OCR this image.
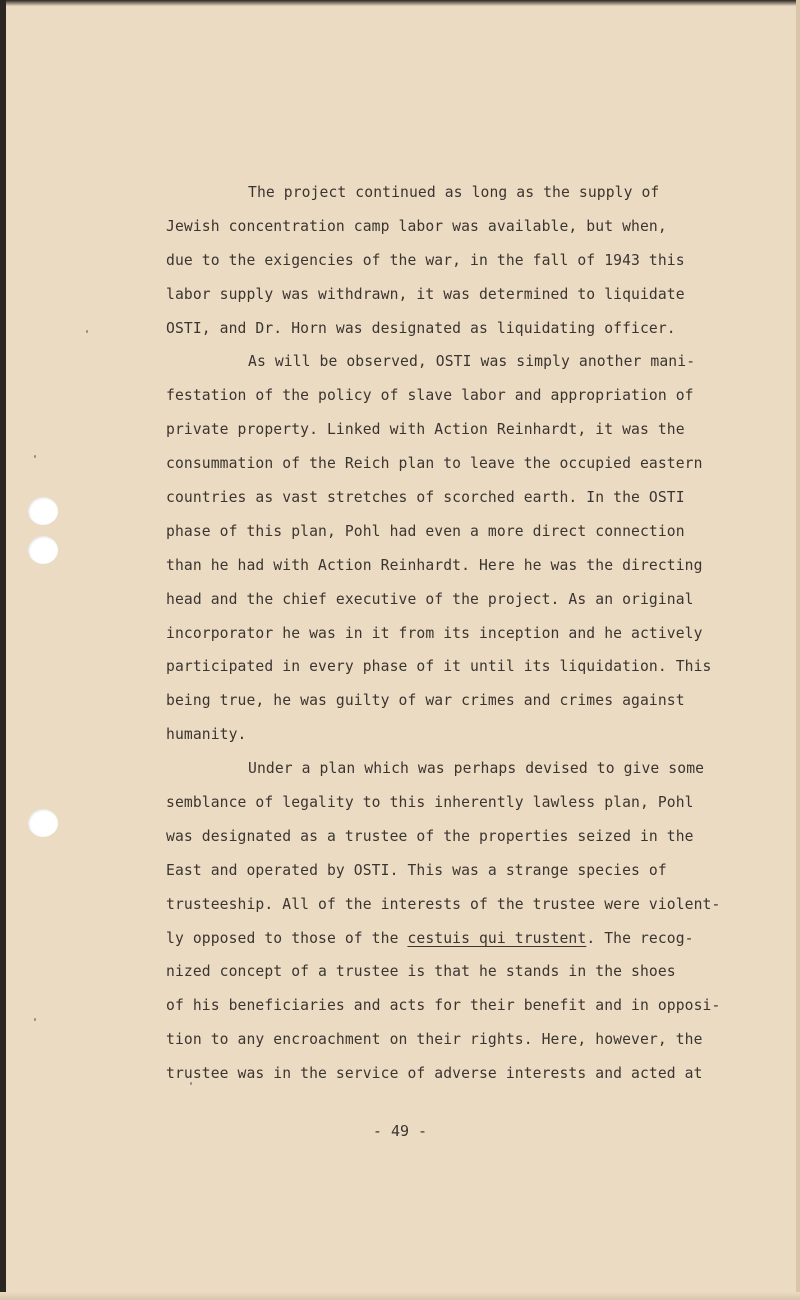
The project continued as long as the supply of
Jewish concentration camp labor was available, but when,
due to the exigencies of the war, in the fall of 1943 this
labor supply was withdrawn, it was determined to liquidate
OSTI, and Dr. Horn was designated as liquidating officer.
As will be observed, OSTI was simply another mani-
festation of the policy of slave labor and appropriation of
private property. Linked with Action Reinhardt, it was the
consummation of the Reich plan to leave the occupied eastern
countries as vast stretches of scorched earth. In the OSTI
phase of this plan, Pohl had even a more direct connection
than he had with Action Reinhardt. Here he was the directing
head and the chief executive of the project. As an original
incorporator he was in it from its inception and he actively
participated in every phase of it until its liquidation. This
being true, he was guilty of war crimes and crimes against
humanity.
Under a plan which was perhaps devised to give some
semblance of legality to this inherently lawless plan, Pohl
was designated as a trustee of the properties seized in the
East and operated by OSTI. This was a strange species of
trusteeship. All of the interests of the trustee were violent-
ly opposed to those of the cestuis qui trustent. The recog-
nized concept of a trustee is that he stands in the shoes
of his beneficiaries and acts for their benefit and in opposi-
tion to any encroachment on their rights. Here, however, the
trustee was in the service of adverse interests and acted at
- 49 -
